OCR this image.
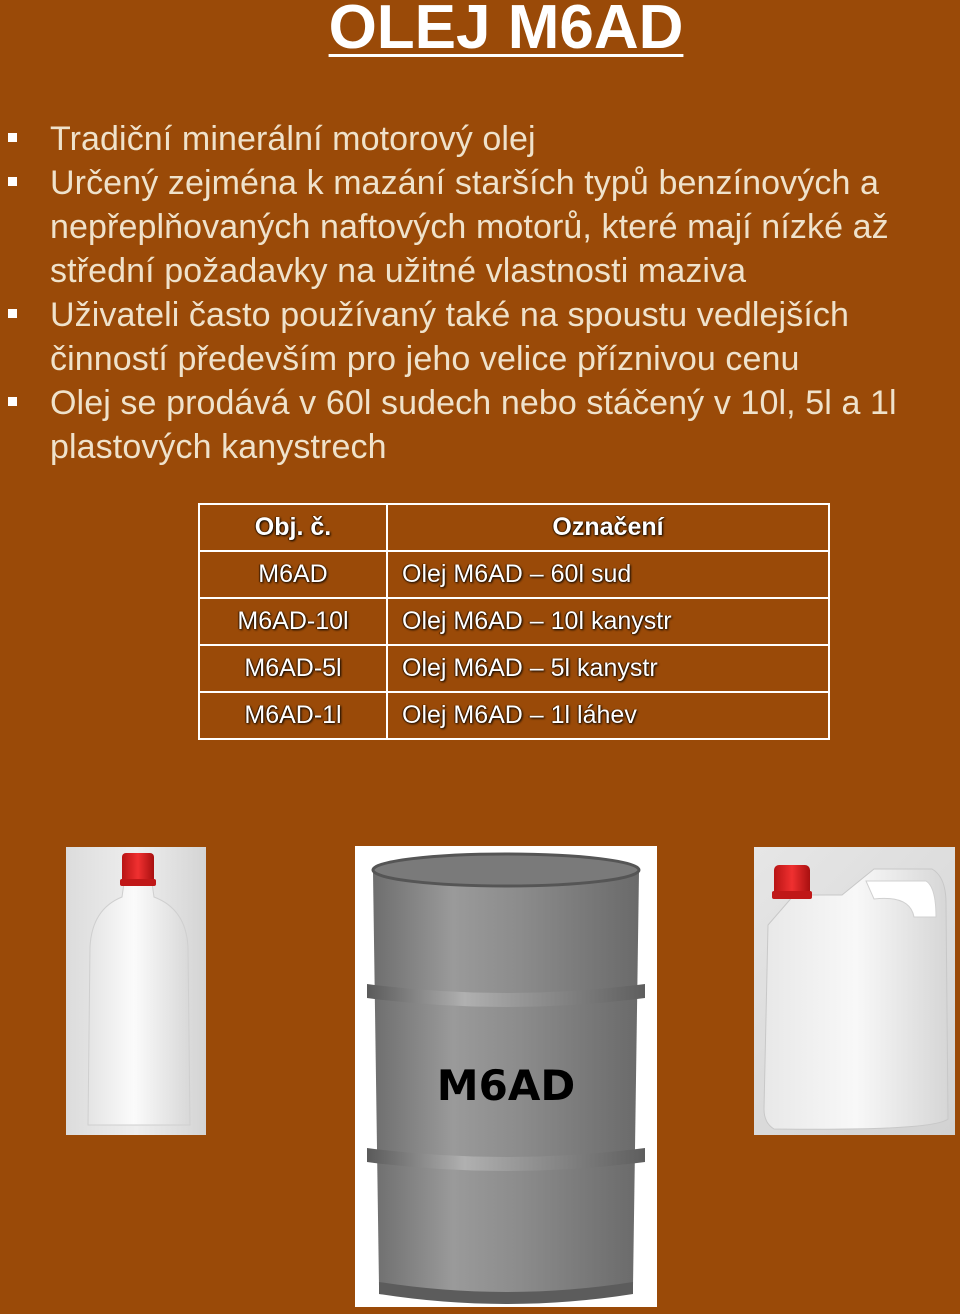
OLEJ M6AD
Tradiční minerální motorový olej
Určený zejména k mazání starších typů benzínových a nepřeplňovaných naftových motorů, které mají nízké až střední požadavky na užitné vlastnosti maziva
Uživateli často používaný také na spoustu vedlejších činností především pro jeho velice příznivou cenu
Olej se prodává v 60l sudech nebo stáčený v 10l, 5l a 1l plastových kanystrech
Obj. č.	Označení
M6AD	Olej M6AD – 60l sud
M6AD-10l	Olej M6AD – 10l kanystr
M6AD-5l	Olej M6AD – 5l kanystr
M6AD-1l	Olej M6AD – 1l láhev
M6AD
